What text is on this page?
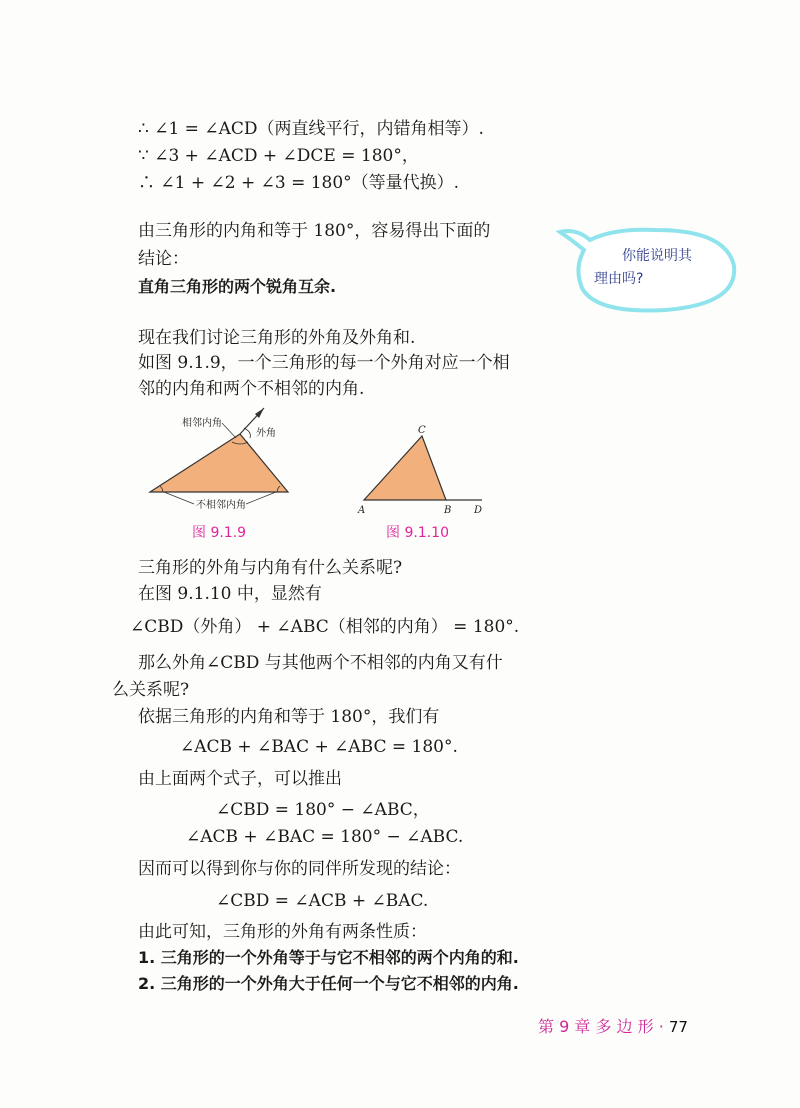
∴ ∠1 = ∠ACD（两直线平行，内错角相等）.
∵ ∠3 + ∠ACD + ∠DCE = 180°，
∴ ∠1 + ∠2 + ∠3 = 180°（等量代换）.
由三角形的内角和等于 180°，容易得出下面的
结论：
直角三角形的两个锐角互余.
现在我们讨论三角形的外角及外角和.
如图 9.1.9，一个三角形的每一个外角对应一个相
邻的内角和两个不相邻的内角.
你能说明其
理由吗?
相邻内角
外角
不相邻内角
图 9.1.9
C
A	B D
图 9.1.10
三角形的外角与内角有什么关系呢?
在图 9.1.10 中，显然有
∠CBD（外角） + ∠ABC（相邻的内角） = 180°.
那么外角∠CBD 与其他两个不相邻的内角又有什
么关系呢?
依据三角形的内角和等于 180°，我们有
∠ACB + ∠BAC + ∠ABC = 180°.
由上面两个式子，可以推出
∠CBD = 180° − ∠ABC，
∠ACB + ∠BAC = 180° − ∠ABC.
因而可以得到你与你的同伴所发现的结论：
∠CBD = ∠ACB + ∠BAC.
由此可知，三角形的外角有两条性质：
1. 三角形的一个外角等于与它不相邻的两个内角的和.
2. 三角形的一个外角大于任何一个与它不相邻的内角.
第 9 章 多 边 形 · 77
